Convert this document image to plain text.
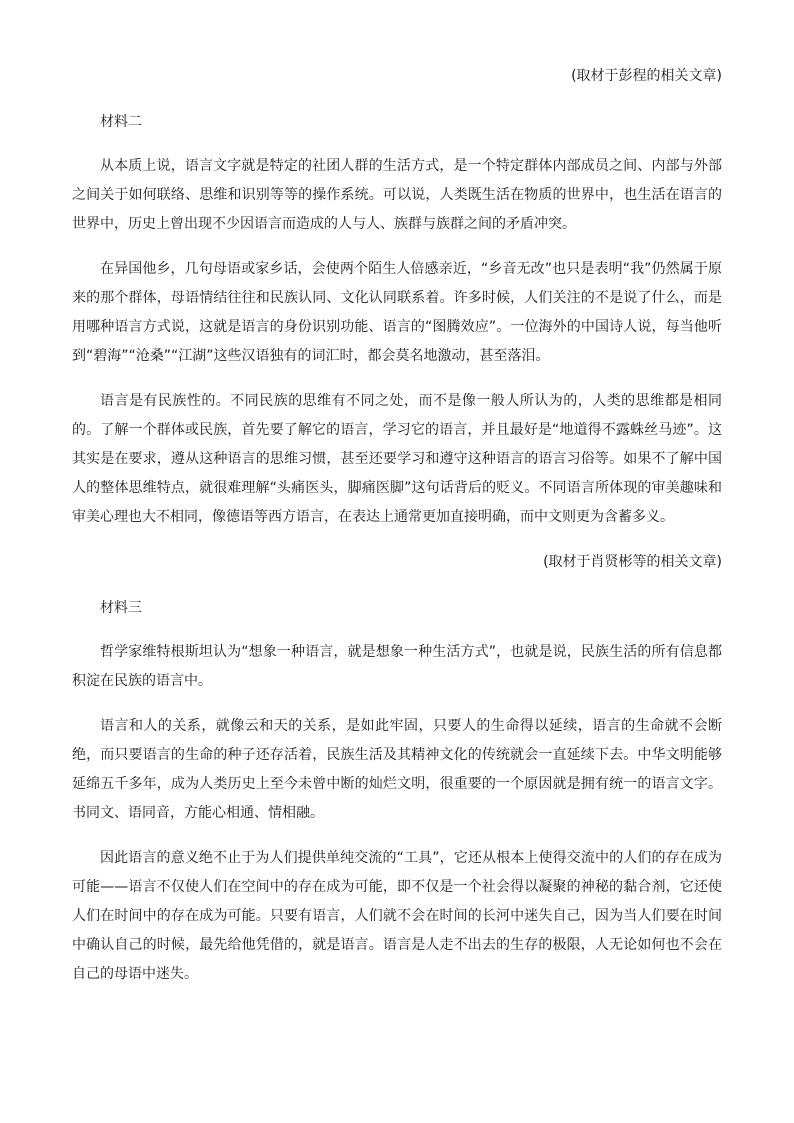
(取材于彭程的相关文章)

材料二

从本质上说，语言文字就是特定的社团人群的生活方式，是一个特定群体内部成员之间、内部与外部之间关于如何联络、思维和识别等等的操作系统。可以说，人类既生活在物质的世界中，也生活在语言的世界中，历史上曾出现不少因语言而造成的人与人、族群与族群之间的矛盾冲突。

在异国他乡，几句母语或家乡话，会使两个陌生人倍感亲近，“乡音无改”也只是表明“我”仍然属于原来的那个群体，母语情结往往和民族认同、文化认同联系着。许多时候，人们关注的不是说了什么，而是用哪种语言方式说，这就是语言的身份识别功能、语言的“图腾效应”。一位海外的中国诗人说，每当他听到“碧海”“沧桑”“江湖”这些汉语独有的词汇时，都会莫名地激动，甚至落泪。

语言是有民族性的。不同民族的思维有不同之处，而不是像一般人所认为的，人类的思维都是相同的。了解一个群体或民族，首先要了解它的语言，学习它的语言，并且最好是“地道得不露蛛丝马迹”。这其实是在要求，遵从这种语言的思维习惯，甚至还要学习和遵守这种语言的语言习俗等。如果不了解中国人的整体思维特点，就很难理解“头痛医头，脚痛医脚”这句话背后的贬义。不同语言所体现的审美趣味和审美心理也大不相同，像德语等西方语言，在表达上通常更加直接明确，而中文则更为含蓄多义。

(取材于肖贤彬等的相关文章)

材料三

哲学家维特根斯坦认为“想象一种语言，就是想象一种生活方式”，也就是说，民族生活的所有信息都积淀在民族的语言中。

语言和人的关系，就像云和天的关系，是如此牢固，只要人的生命得以延续，语言的生命就不会断绝，而只要语言的生命的种子还存活着，民族生活及其精神文化的传统就会一直延续下去。中华文明能够延绵五千多年，成为人类历史上至今未曾中断的灿烂文明，很重要的一个原因就是拥有统一的语言文字。书同文、语同音，方能心相通、情相融。

因此语言的意义绝不止于为人们提供单纯交流的“工具”，它还从根本上使得交流中的人们的存在成为可能——语言不仅使人们在空间中的存在成为可能，即不仅是一个社会得以凝聚的神秘的黏合剂，它还使人们在时间中的存在成为可能。只要有语言，人们就不会在时间的长河中迷失自己，因为当人们要在时间中确认自己的时候，最先给他凭借的，就是语言。语言是人走不出去的生存的极限，人无论如何也不会在自己的母语中迷失。
